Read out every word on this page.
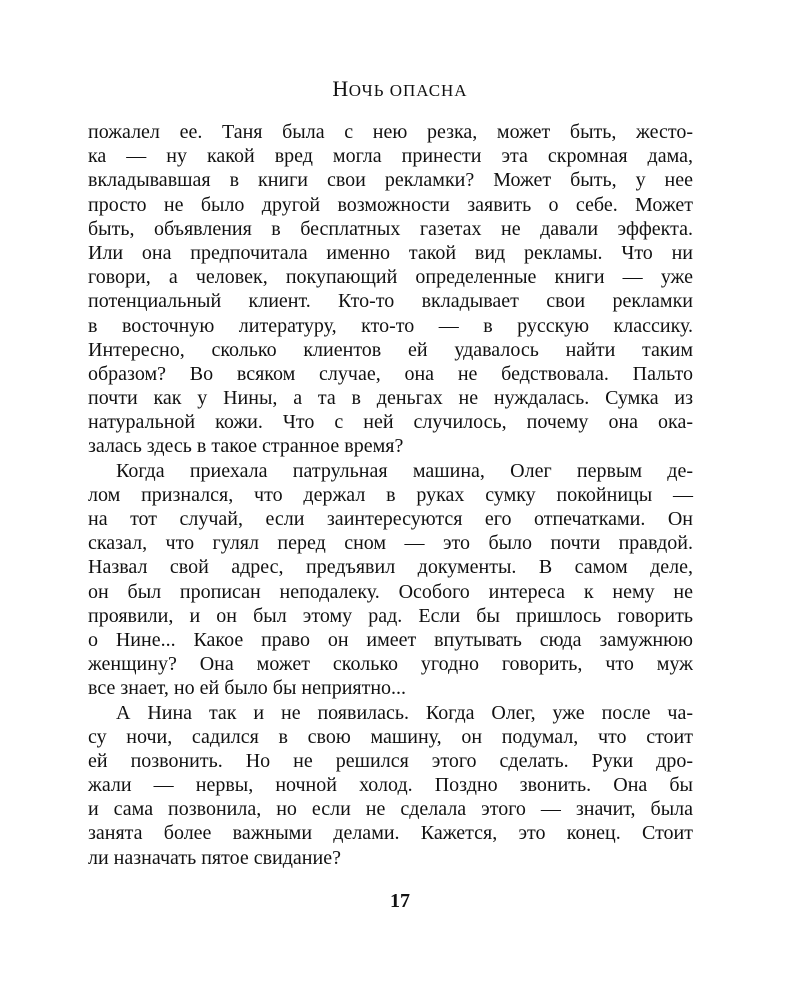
НОЧЬ ОПАСНА
пожалел ее. Таня была с нею резка, может быть, жесто-
ка — ну какой вред могла принести эта скромная дама,
вкладывавшая в книги свои рекламки? Может быть, у нее
просто не было другой возможности заявить о себе. Может
быть, объявления в бесплатных газетах не давали эффекта.
Или она предпочитала именно такой вид рекламы. Что ни
говори, а человек, покупающий определенные книги — уже
потенциальный клиент. Кто-то вкладывает свои рекламки
в восточную литературу, кто-то — в русскую классику.
Интересно, сколько клиентов ей удавалось найти таким
образом? Во всяком случае, она не бедствовала. Пальто
почти как у Нины, а та в деньгах не нуждалась. Сумка из
натуральной кожи. Что с ней случилось, почему она ока-
залась здесь в такое странное время?
Когда приехала патрульная машина, Олег первым де-
лом признался, что держал в руках сумку покойницы —
на тот случай, если заинтересуются его отпечатками. Он
сказал, что гулял перед сном — это было почти правдой.
Назвал свой адрес, предъявил документы. В самом деле,
он был прописан неподалеку. Особого интереса к нему не
проявили, и он был этому рад. Если бы пришлось говорить
о Нине... Какое право он имеет впутывать сюда замужнюю
женщину? Она может сколько угодно говорить, что муж
все знает, но ей было бы неприятно...
А Нина так и не появилась. Когда Олег, уже после ча-
су ночи, садился в свою машину, он подумал, что стоит
ей позвонить. Но не решился этого сделать. Руки дро-
жали — нервы, ночной холод. Поздно звонить. Она бы
и сама позвонила, но если не сделала этого — значит, была
занята более важными делами. Кажется, это конец. Стоит
ли назначать пятое свидание?
17
